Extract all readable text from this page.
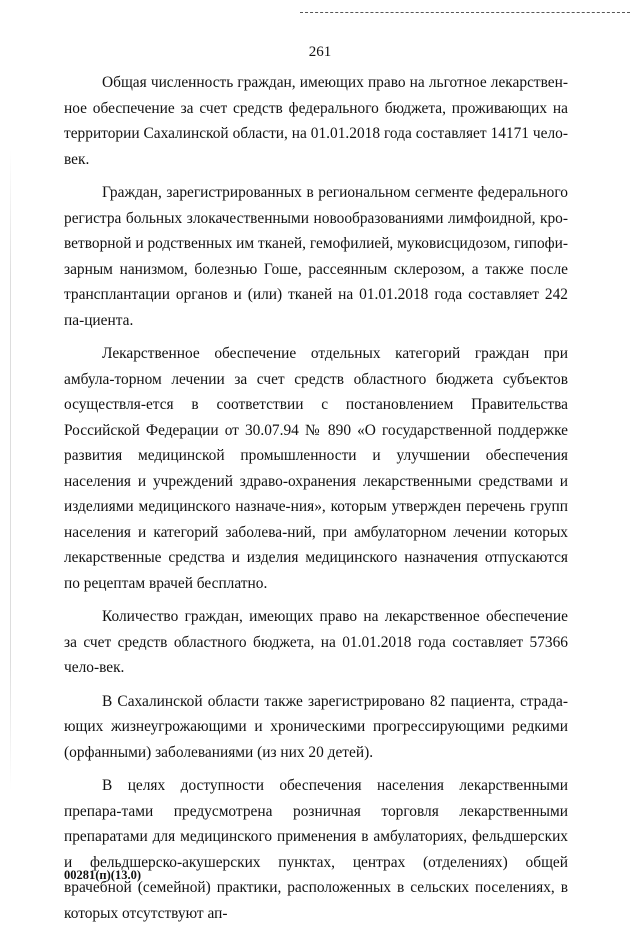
261

Общая численность граждан, имеющих право на льготное лекарствен-ное обеспечение за счет средств федерального бюджета, проживающих на территории Сахалинской области, на 01.01.2018 года составляет 14171 чело-век.

Граждан, зарегистрированных в региональном сегменте федерального регистра больных злокачественными новообразованиями лимфоидной, кро-ветворной и родственных им тканей, гемофилией, муковисцидозом, гипофи-зарным нанизмом, болезнью Гоше, рассеянным склерозом, а также после трансплантации органов и (или) тканей на 01.01.2018 года составляет 242 па-циента.

Лекарственное обеспечение отдельных категорий граждан при амбула-торном лечении за счет средств областного бюджета субъектов осуществля-ется в соответствии с постановлением Правительства Российской Федерации от 30.07.94 № 890 «О государственной поддержке развития медицинской промышленности и улучшении обеспечения населения и учреждений здраво-охранения лекарственными средствами и изделиями медицинского назначе-ния», которым утвержден перечень групп населения и категорий заболева-ний, при амбулаторном лечении которых лекарственные средства и изделия медицинского назначения отпускаются по рецептам врачей бесплатно.

Количество граждан, имеющих право на лекарственное обеспечение за счет средств областного бюджета, на 01.01.2018 года составляет 57366 чело-век.

В Сахалинской области также зарегистрировано 82 пациента, страда-ющих жизнеугрожающими и хроническими прогрессирующими редкими (орфанными) заболеваниями (из них 20 детей).

В целях доступности обеспечения населения лекарственными препара-тами предусмотрена розничная торговля лекарственными препаратами для медицинского применения в амбулаториях, фельдшерских и фельдшерско-акушерских пунктах, центрах (отделениях) общей врачебной (семейной) практики, расположенных в сельских поселениях, в которых отсутствуют ап-

00281(п)(13.0)
